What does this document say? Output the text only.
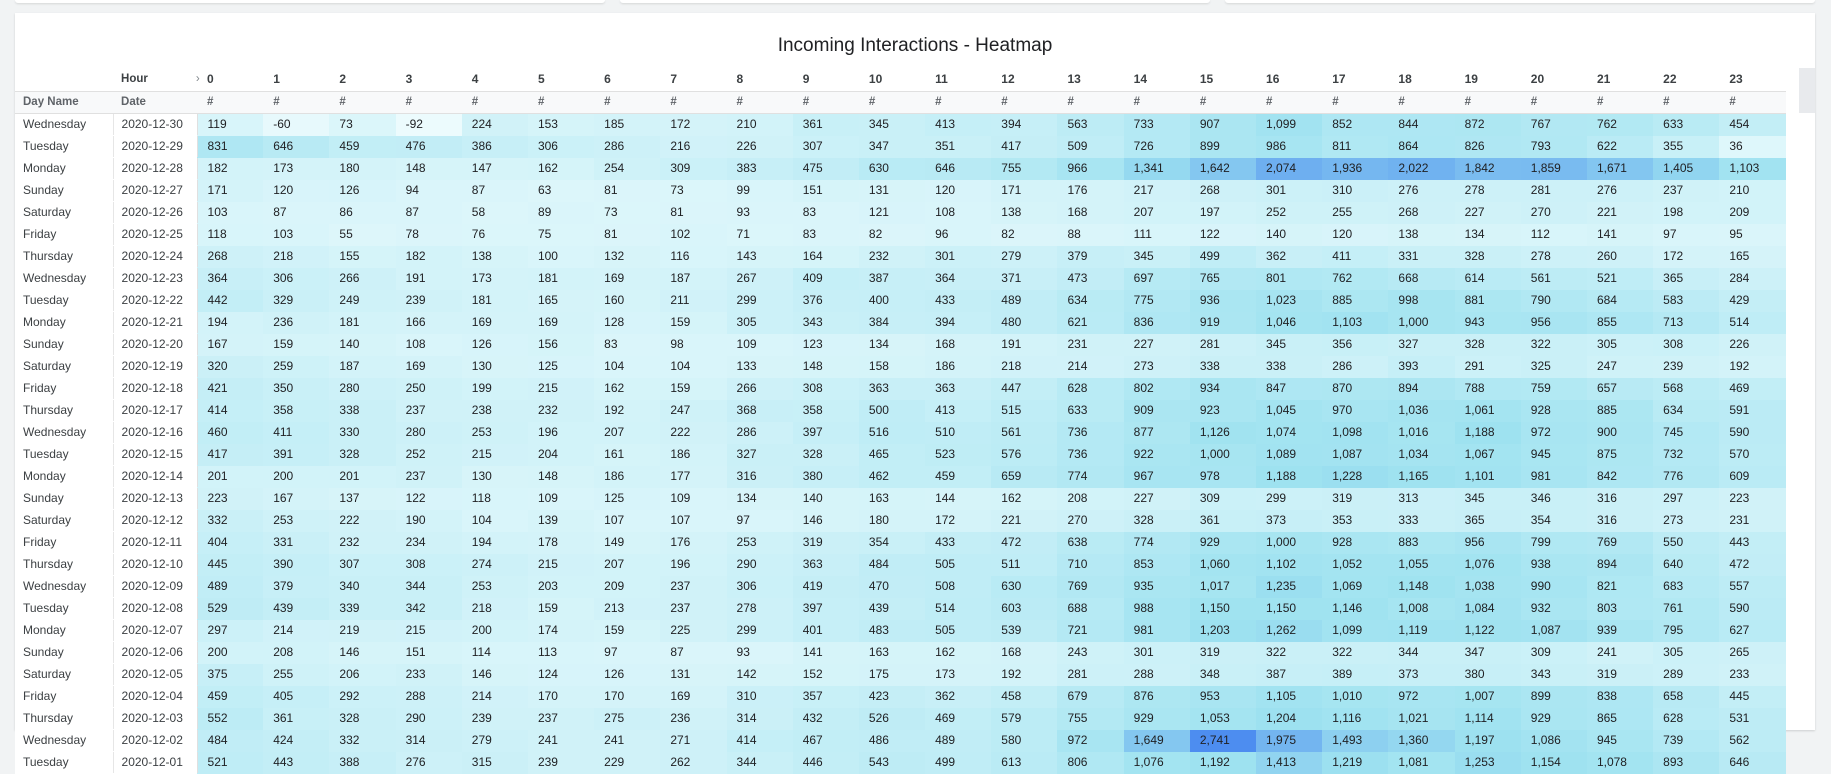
Incoming Interactions - Heatmap
	Hour ›	0	1	2	3	4	5	6	7	8	9	10	11	12	13	14	15	16	17	18	19	20	21	22	23
Day Name	Date	#	#	#	#	#	#	#	#	#	#	#	#	#	#	#	#	#	#	#	#	#	#	#	#
Wednesday	2020-12-30	119	-60	73	-92	224	153	185	172	210	361	345	413	394	563	733	907	1,099	852	844	872	767	762	633	454
Tuesday	2020-12-29	831	646	459	476	386	306	286	216	226	307	347	351	417	509	726	899	986	811	864	826	793	622	355	36
Monday	2020-12-28	182	173	180	148	147	162	254	309	383	475	630	646	755	966	1,341	1,642	2,074	1,936	2,022	1,842	1,859	1,671	1,405	1,103
Sunday	2020-12-27	171	120	126	94	87	63	81	73	99	151	131	120	171	176	217	268	301	310	276	278	281	276	237	210
Saturday	2020-12-26	103	87	86	87	58	89	73	81	93	83	121	108	138	168	207	197	252	255	268	227	270	221	198	209
Friday	2020-12-25	118	103	55	78	76	75	81	102	71	83	82	96	82	88	111	122	140	120	138	134	112	141	97	95
Thursday	2020-12-24	268	218	155	182	138	100	132	116	143	164	232	301	279	379	345	499	362	411	331	328	278	260	172	165
Wednesday	2020-12-23	364	306	266	191	173	181	169	187	267	409	387	364	371	473	697	765	801	762	668	614	561	521	365	284
Tuesday	2020-12-22	442	329	249	239	181	165	160	211	299	376	400	433	489	634	775	936	1,023	885	998	881	790	684	583	429
Monday	2020-12-21	194	236	181	166	169	169	128	159	305	343	384	394	480	621	836	919	1,046	1,103	1,000	943	956	855	713	514
Sunday	2020-12-20	167	159	140	108	126	156	83	98	109	123	134	168	191	231	227	281	345	356	327	328	322	305	308	226
Saturday	2020-12-19	320	259	187	169	130	125	104	104	133	148	158	186	218	214	273	338	338	286	393	291	325	247	239	192
Friday	2020-12-18	421	350	280	250	199	215	162	159	266	308	363	363	447	628	802	934	847	870	894	788	759	657	568	469
Thursday	2020-12-17	414	358	338	237	238	232	192	247	368	358	500	413	515	633	909	923	1,045	970	1,036	1,061	928	885	634	591
Wednesday	2020-12-16	460	411	330	280	253	196	207	222	286	397	516	510	561	736	877	1,126	1,074	1,098	1,016	1,188	972	900	745	590
Tuesday	2020-12-15	417	391	328	252	215	204	161	186	327	328	465	523	576	736	922	1,000	1,089	1,087	1,034	1,067	945	875	732	570
Monday	2020-12-14	201	200	201	237	130	148	186	177	316	380	462	459	659	774	967	978	1,188	1,228	1,165	1,101	981	842	776	609
Sunday	2020-12-13	223	167	137	122	118	109	125	109	134	140	163	144	162	208	227	309	299	319	313	345	346	316	297	223
Saturday	2020-12-12	332	253	222	190	104	139	107	107	97	146	180	172	221	270	328	361	373	353	333	365	354	316	273	231
Friday	2020-12-11	404	331	232	234	194	178	149	176	253	319	354	433	472	638	774	929	1,000	928	883	956	799	769	550	443
Thursday	2020-12-10	445	390	307	308	274	215	207	196	290	363	484	505	511	710	853	1,060	1,102	1,052	1,055	1,076	938	894	640	472
Wednesday	2020-12-09	489	379	340	344	253	203	209	237	306	419	470	508	630	769	935	1,017	1,235	1,069	1,148	1,038	990	821	683	557
Tuesday	2020-12-08	529	439	339	342	218	159	213	237	278	397	439	514	603	688	988	1,150	1,150	1,146	1,008	1,084	932	803	761	590
Monday	2020-12-07	297	214	219	215	200	174	159	225	299	401	483	505	539	721	981	1,203	1,262	1,099	1,119	1,122	1,087	939	795	627
Sunday	2020-12-06	200	208	146	151	114	113	97	87	93	141	163	162	168	243	301	319	322	322	344	347	309	241	305	265
Saturday	2020-12-05	375	255	206	233	146	124	126	131	142	152	175	173	192	281	288	348	387	389	373	380	343	319	289	233
Friday	2020-12-04	459	405	292	288	214	170	170	169	310	357	423	362	458	679	876	953	1,105	1,010	972	1,007	899	838	658	445
Thursday	2020-12-03	552	361	328	290	239	237	275	236	314	432	526	469	579	755	929	1,053	1,204	1,116	1,021	1,114	929	865	628	531
Wednesday	2020-12-02	484	424	332	314	279	241	241	271	414	467	486	489	580	972	1,649	2,741	1,975	1,493	1,360	1,197	1,086	945	739	562
Tuesday	2020-12-01	521	443	388	276	315	239	229	262	344	446	543	499	613	806	1,076	1,192	1,413	1,219	1,081	1,253	1,154	1,078	893	646
